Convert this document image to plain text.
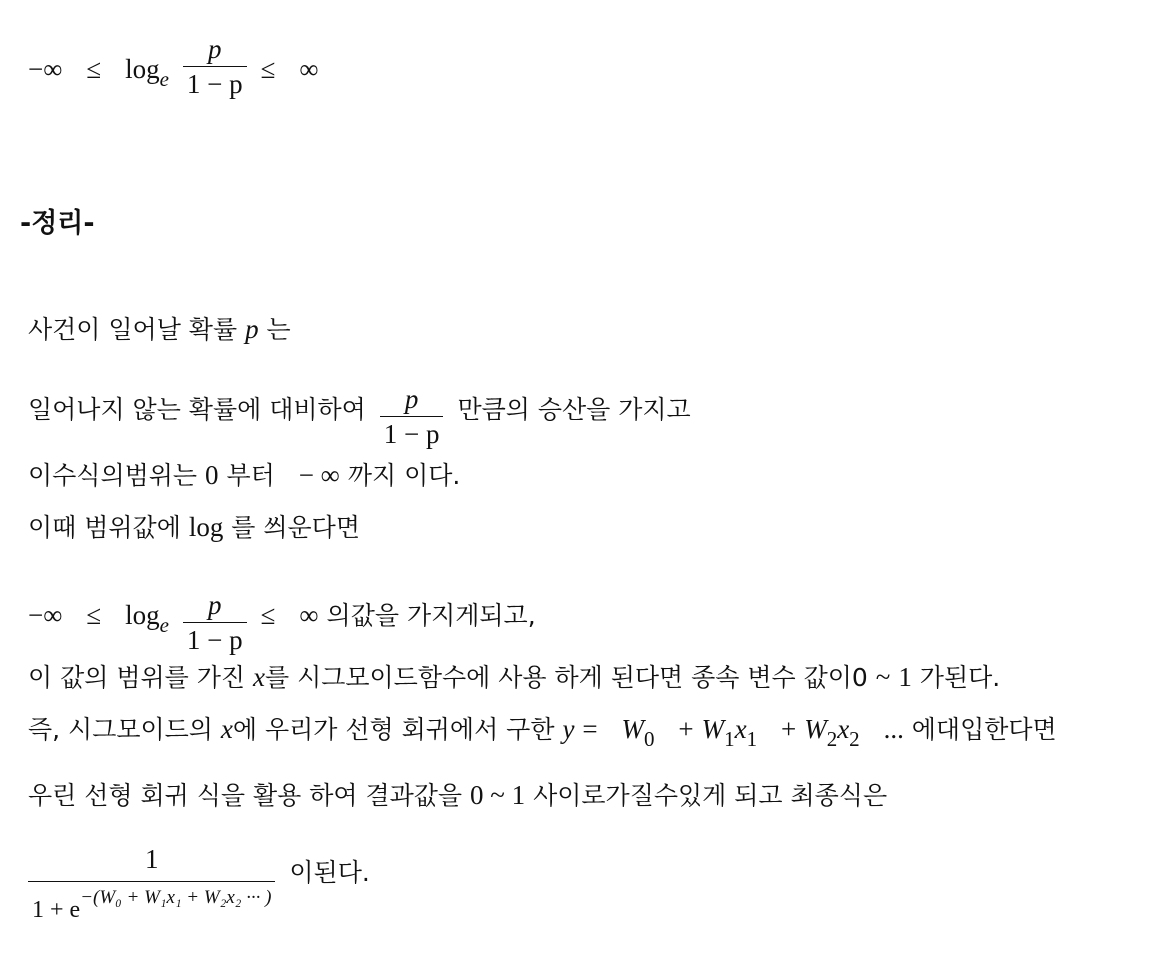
−∞ ≤ $\log_e \frac{p}{1 - p}$ ≤ ∞
-정리-
사건이 일어날 확률 p 는
일어나지 않는 확률에 대비하여 $\frac{p}{1 - p}$ 만큼의 승산을 가지고
이수식의범위는 0 부터 − ∞ 까지 이다.
이때 범위값에 log 를 씌운다면
−∞ ≤ $\log_e \frac{p}{1 - p}$ ≤ ∞ 의값을 가지게되고,
이 값의 범위를 가진 x를 시그모이드함수에 사용 하게 된다면 종속 변수 값이0 ~ 1 가된다.
즉, 시그모이드의 x에 우리가 선형 회귀에서 구한 $y = W_0 + W_1x_1 + W_2x_2$ ... 에대입한다면
우린 선형 회귀 식을 활용 하여 결과값을 0 ~ 1 사이로가질수있게 되고 최종식은
$\frac{1}{1 + e^{-(W_0 + W_1x_1 + W_2x_2 \cdot\cdot\cdot )}}$ 이된다.
